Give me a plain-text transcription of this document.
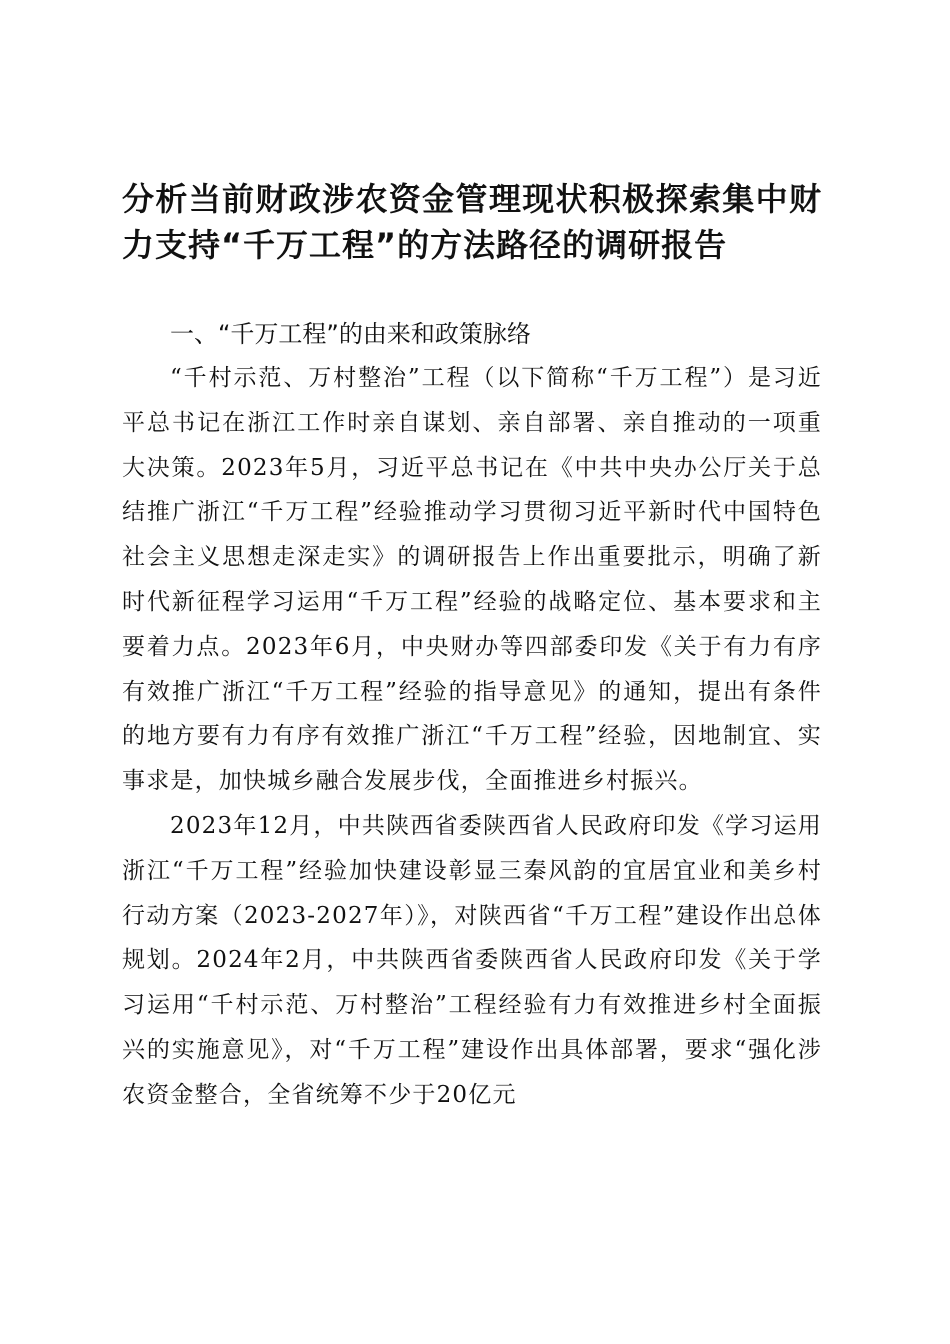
分析当前财政涉农资金管理现状积极探索集中财力支持“千万工程”的方法路径的调研报告
一、“千万工程”的由来和政策脉络

“千村示范、万村整治”工程（以下简称“千万工程”）是习近平总书记在浙江工作时亲自谋划、亲自部署、亲自推动的一项重大决策。2023年5月，习近平总书记在《中共中央办公厅关于总结推广浙江“千万工程”经验推动学习贯彻习近平新时代中国特色社会主义思想走深走实》的调研报告上作出重要批示，明确了新时代新征程学习运用“千万工程”经验的战略定位、基本要求和主要着力点。2023年6月，中央财办等四部委印发《关于有力有序有效推广浙江“千万工程”经验的指导意见》的通知，提出有条件的地方要有力有序有效推广浙江“千万工程”经验，因地制宜、实事求是，加快城乡融合发展步伐，全面推进乡村振兴。

2023年12月，中共陕西省委陕西省人民政府印发《学习运用浙江“千万工程”经验加快建设彰显三秦风韵的宜居宜业和美乡村行动方案（2023-2027年）》，对陕西省“千万工程”建设作出总体规划。2024年2月，中共陕西省委陕西省人民政府印发《关于学习运用“千村示范、万村整治”工程经验有力有效推进乡村全面振兴的实施意见》，对“千万工程”建设作出具体部署，要求“强化涉农资金整合，全省统筹不少于20亿元
